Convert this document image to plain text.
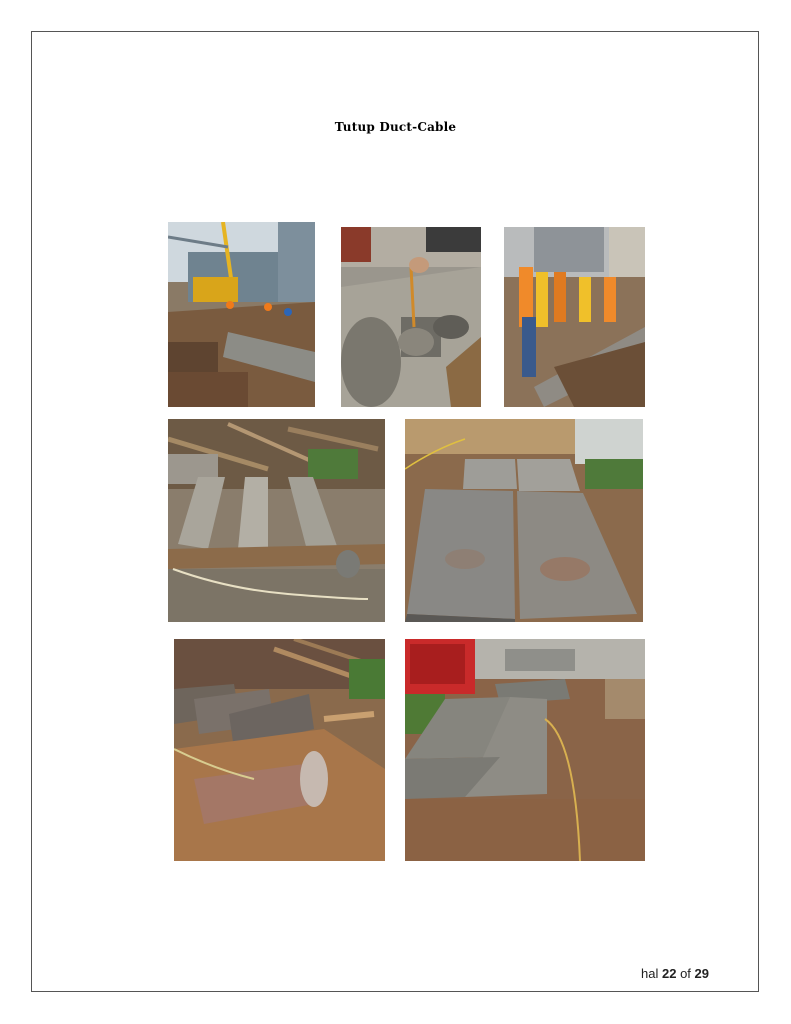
Tutup Duct-Cable
hal 22 of 29
